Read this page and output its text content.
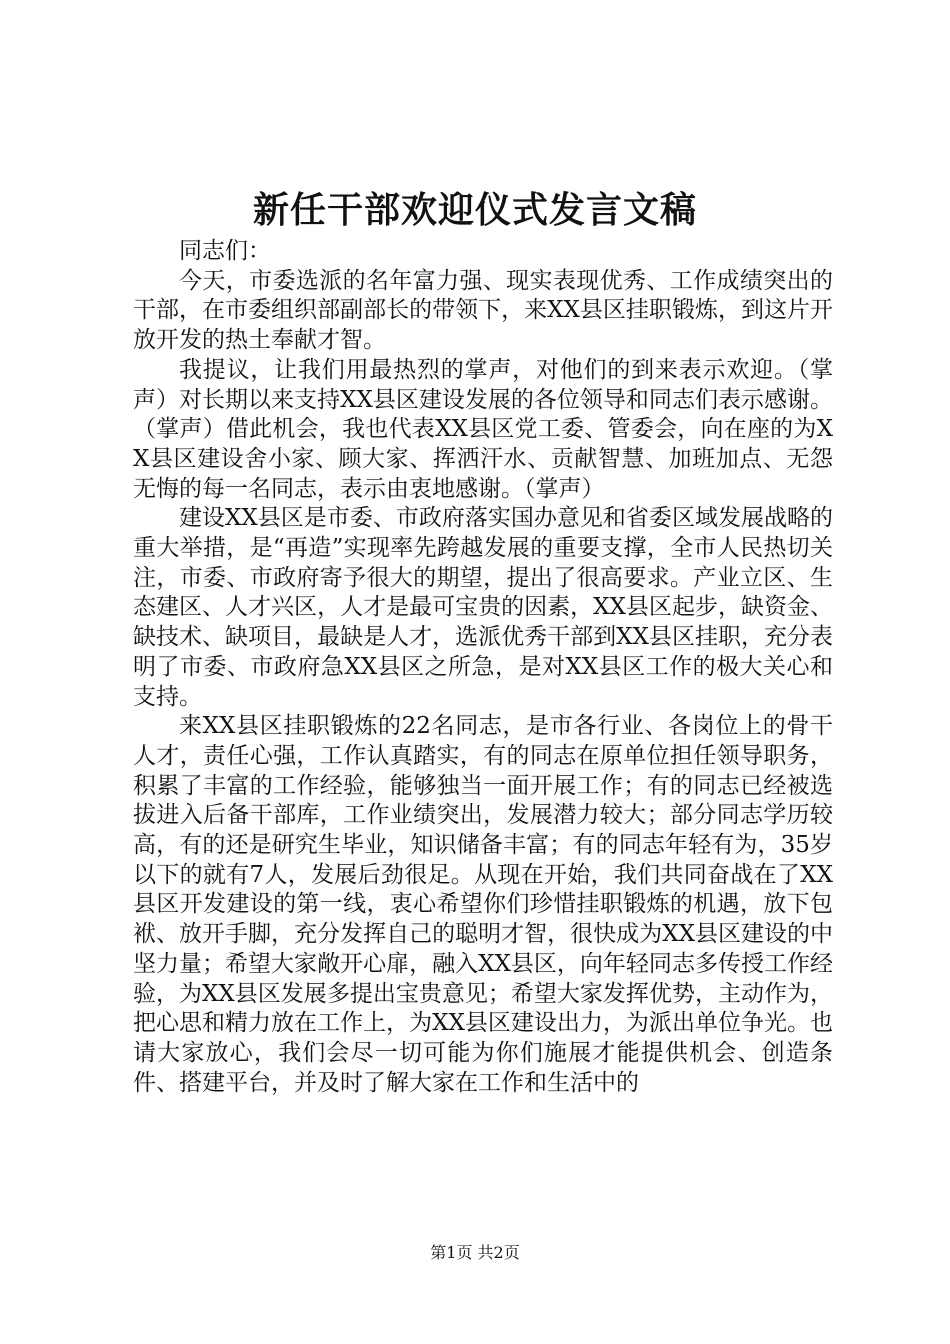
新任干部欢迎仪式发言文稿

同志们：

今天，市委选派的名年富力强、现实表现优秀、工作成绩突出的干部，在市委组织部副部长的带领下，来XX县区挂职锻炼，到这片开放开发的热土奉献才智。

我提议，让我们用最热烈的掌声，对他们的到来表示欢迎。（掌声）对长期以来支持XX县区建设发展的各位领导和同志们表示感谢。（掌声）借此机会，我也代表XX县区党工委、管委会，向在座的为XX县区建设舍小家、顾大家、挥洒汗水、贡献智慧、加班加点、无怨无悔的每一名同志，表示由衷地感谢。（掌声）

建设XX县区是市委、市政府落实国办意见和省委区域发展战略的重大举措，是“再造”实现率先跨越发展的重要支撑，全市人民热切关注，市委、市政府寄予很大的期望，提出了很高要求。产业立区、生态建区、人才兴区，人才是最可宝贵的因素，XX县区起步，缺资金、缺技术、缺项目，最缺是人才，选派优秀干部到XX县区挂职，充分表明了市委、市政府急XX县区之所急，是对XX县区工作的极大关心和支持。

来XX县区挂职锻炼的22名同志，是市各行业、各岗位上的骨干人才，责任心强，工作认真踏实，有的同志在原单位担任领导职务，积累了丰富的工作经验，能够独当一面开展工作；有的同志已经被选拔进入后备干部库，工作业绩突出，发展潜力较大；部分同志学历较高，有的还是研究生毕业，知识储备丰富；有的同志年轻有为，35岁以下的就有7人，发展后劲很足。从现在开始，我们共同奋战在了XX县区开发建设的第一线，衷心希望你们珍惜挂职锻炼的机遇，放下包袱、放开手脚，充分发挥自己的聪明才智，很快成为XX县区建设的中坚力量；希望大家敞开心扉，融入XX县区，向年轻同志多传授工作经验，为XX县区发展多提出宝贵意见；希望大家发挥优势，主动作为，把心思和精力放在工作上，为XX县区建设出力，为派出单位争光。也请大家放心，我们会尽一切可能为你们施展才能提供机会、创造条件、搭建平台，并及时了解大家在工作和生活中的

第1页 共2页
